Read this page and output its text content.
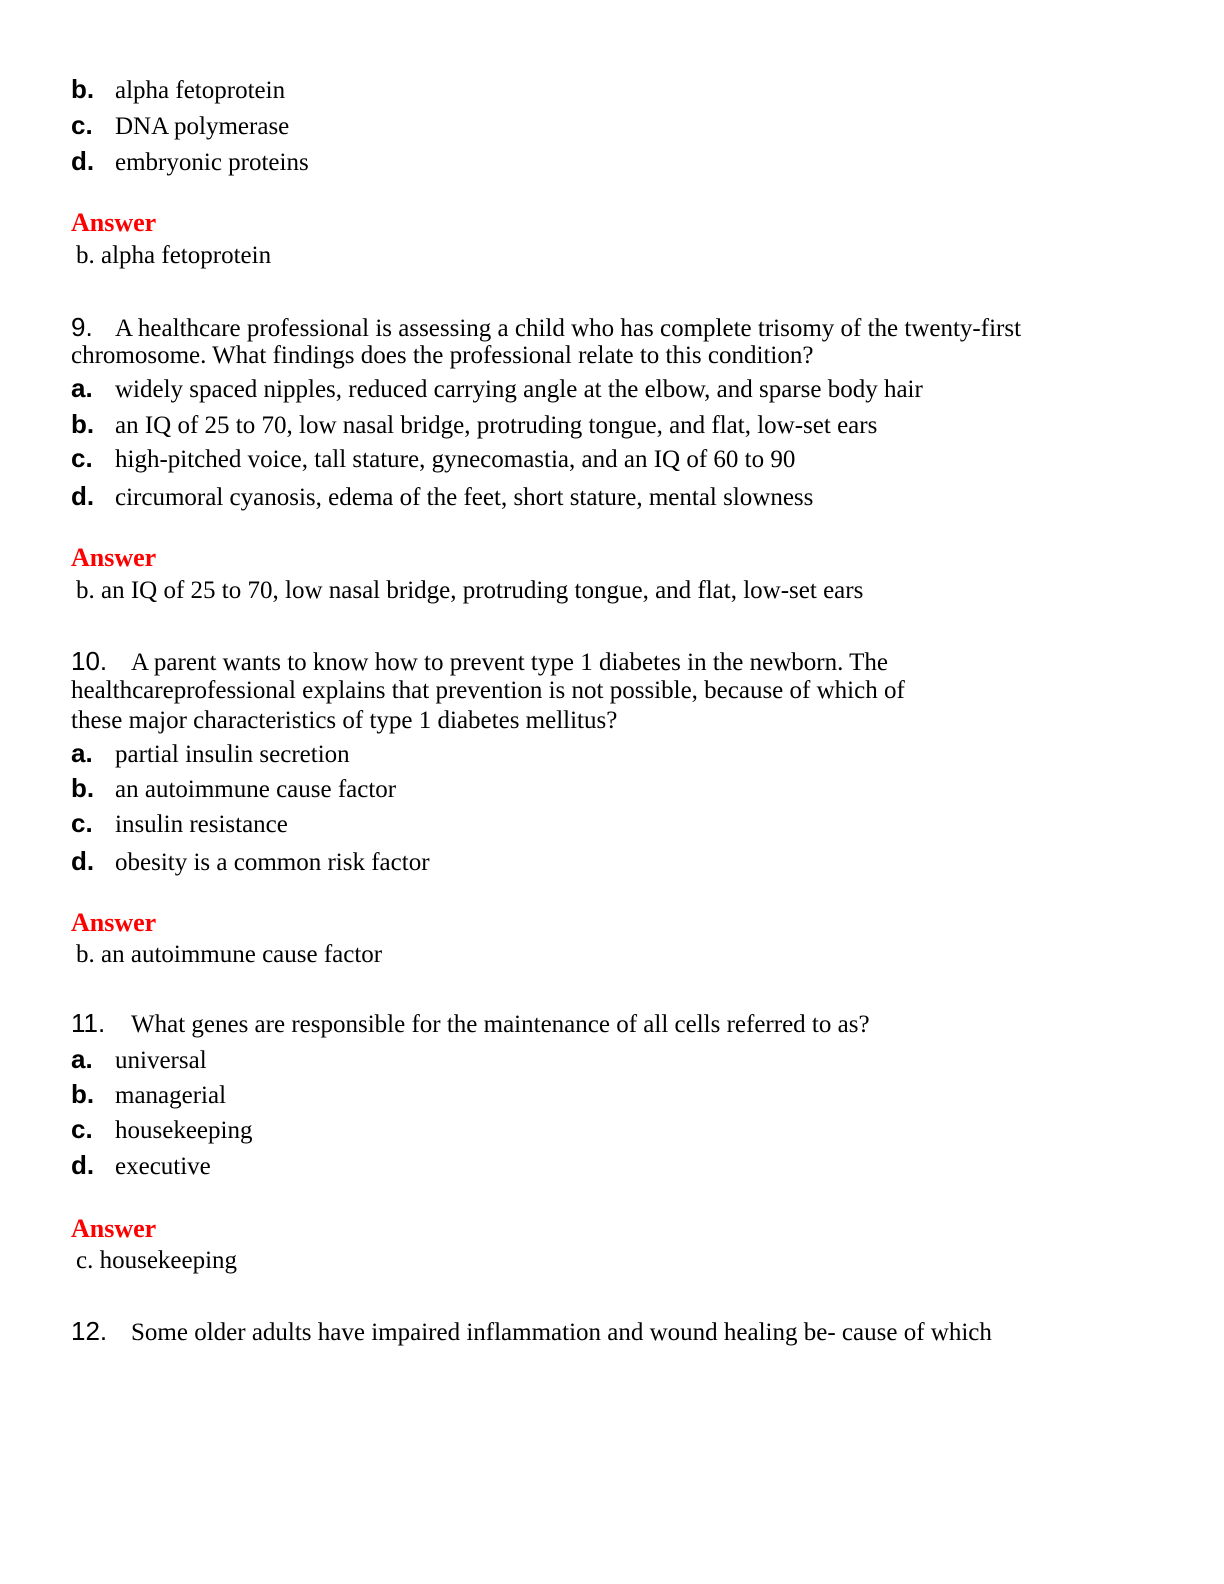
b. alpha fetoprotein
c. DNA polymerase
d. embryonic proteins
Answer
b. alpha fetoprotein
9. A healthcare professional is assessing a child who has complete trisomy of the twenty-first
chromosome. What findings does the professional relate to this condition?
a. widely spaced nipples, reduced carrying angle at the elbow, and sparse body hair
b. an IQ of 25 to 70, low nasal bridge, protruding tongue, and flat, low-set ears
c. high-pitched voice, tall stature, gynecomastia, and an IQ of 60 to 90
d. circumoral cyanosis, edema of the feet, short stature, mental slowness
Answer
b. an IQ of 25 to 70, low nasal bridge, protruding tongue, and flat, low-set ears
10. A parent wants to know how to prevent type 1 diabetes in the newborn. The
healthcareprofessional explains that prevention is not possible, because of which of
these major characteristics of type 1 diabetes mellitus?
a. partial insulin secretion
b. an autoimmune cause factor
c. insulin resistance
d. obesity is a common risk factor
Answer
b. an autoimmune cause factor
11. What genes are responsible for the maintenance of all cells referred to as?
a. universal
b. managerial
c. housekeeping
d. executive
Answer
c. housekeeping
12. Some older adults have impaired inflammation and wound healing be- cause of which
